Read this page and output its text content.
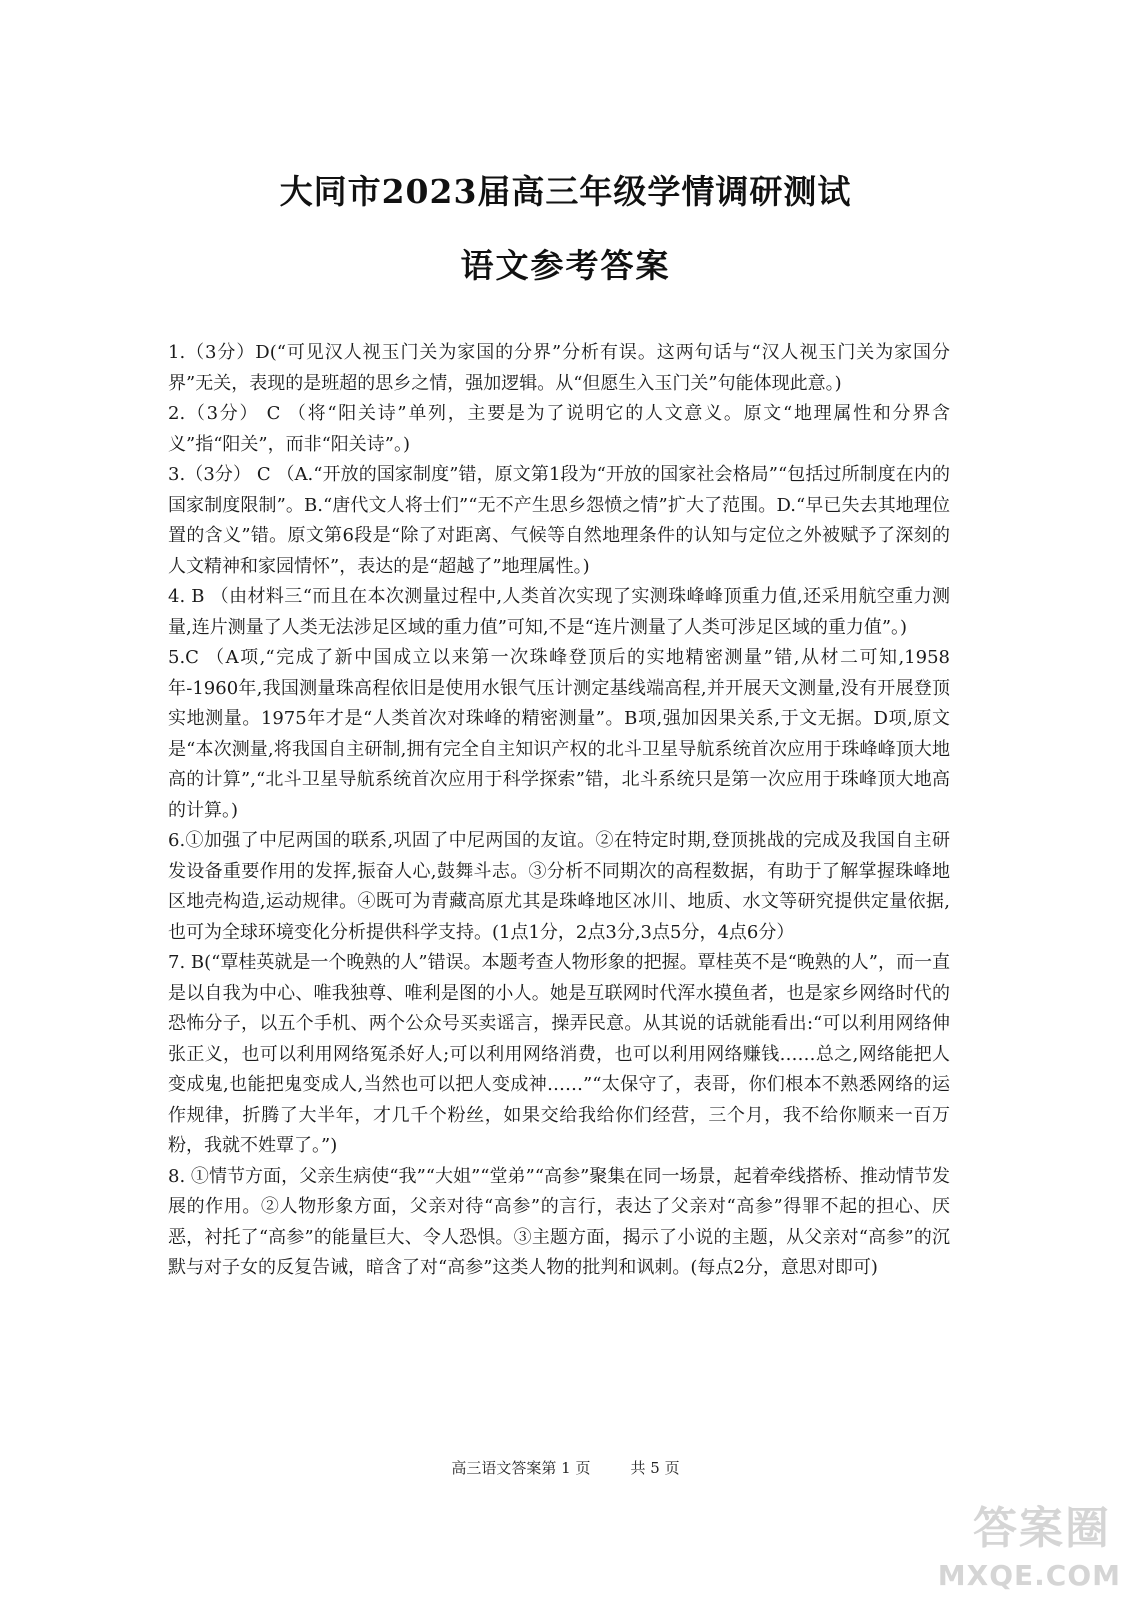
大同市2023届高三年级学情调研测试
语文参考答案

1.（3分）D(“可见汉人视玉门关为家国的分界”分析有误。这两句话与“汉人视玉门关为家国分界”无关，表现的是班超的思乡之情，强加逻辑。从“但愿生入玉门关”句能体现此意。)

2.（3分） C （将“阳关诗”单列，主要是为了说明它的人文意义。原文“地理属性和分界含义”指“阳关”，而非“阳关诗”。)

3.（3分） C （A.“开放的国家制度”错，原文第1段为“开放的国家社会格局”“包括过所制度在内的国家制度限制”。B.“唐代文人将士们”“无不产生思乡怨愤之情”扩大了范围。D.“早已失去其地理位置的含义”错。原文第6段是“除了对距离、气候等自然地理条件的认知与定位之外被赋予了深刻的人文精神和家园情怀”，表达的是“超越了”地理属性。)

4. B （由材料三“而且在本次测量过程中,人类首次实现了实测珠峰峰顶重力值,还采用航空重力测量,连片测量了人类无法涉足区域的重力值”可知,不是“连片测量了人类可涉足区域的重力值”。)

5.C （A项,“完成了新中国成立以来第一次珠峰登顶后的实地精密测量”错,从材二可知,1958年-1960年,我国测量珠高程依旧是使用水银气压计测定基线端高程,并开展天文测量,没有开展登顶实地测量。1975年才是“人类首次对珠峰的精密测量”。B项,强加因果关系,于文无据。D项,原文是“本次测量,将我国自主研制,拥有完全自主知识产权的北斗卫星导航系统首次应用于珠峰峰顶大地高的计算”,“北斗卫星导航系统首次应用于科学探索”错，北斗系统只是第一次应用于珠峰顶大地高的计算。)

6.①加强了中尼两国的联系,巩固了中尼两国的友谊。②在特定时期,登顶挑战的完成及我国自主研发设备重要作用的发挥,振奋人心,鼓舞斗志。③分析不同期次的高程数据，有助于了解掌握珠峰地区地壳构造,运动规律。④既可为青藏高原尤其是珠峰地区冰川、地质、水文等研究提供定量依据,也可为全球环境变化分析提供科学支持。(1点1分，2点3分,3点5分，4点6分）

7. B(“覃桂英就是一个晚熟的人”错误。本题考查人物形象的把握。覃桂英不是“晚熟的人”，而一直是以自我为中心、唯我独尊、唯利是图的小人。她是互联网时代浑水摸鱼者，也是家乡网络时代的恐怖分子，以五个手机、两个公众号买卖谣言，操弄民意。从其说的话就能看出:“可以利用网络伸张正义，也可以利用网络冤杀好人;可以利用网络消费，也可以利用网络赚钱……总之,网络能把人变成鬼,也能把鬼变成人,当然也可以把人变成神……”“太保守了，表哥，你们根本不熟悉网络的运作规律，折腾了大半年，才几千个粉丝，如果交给我给你们经营，三个月，我不给你顺来一百万粉，我就不姓覃了。”)

8. ①情节方面，父亲生病使“我”“大姐”“堂弟”“高参”聚集在同一场景，起着牵线搭桥、推动情节发展的作用。②人物形象方面，父亲对待“高参”的言行，表达了父亲对“高参”得罪不起的担心、厌恶，衬托了“高参”的能量巨大、令人恐惧。③主题方面，揭示了小说的主题，从父亲对“高参”的沉默与对子女的反复告诫，暗含了对“高参”这类人物的批判和讽刺。(每点2分，意思对即可)

高三语文答案第 1 页	共 5 页
答案圈
MXQE.COM
